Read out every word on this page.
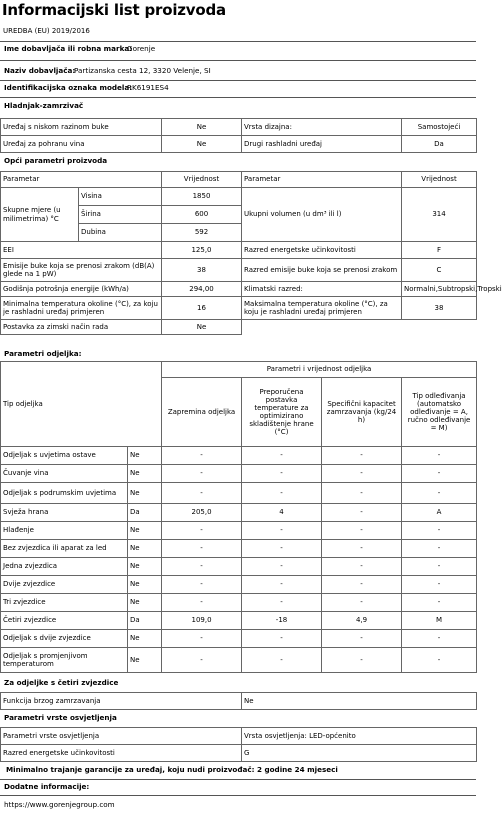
Informacijski list proizvoda
UREDBA (EU) 2019/2016
Ime dobavljača ili robna marka:
Gorenje
Naziv dobavljača:
Partizanska cesta 12, 3320 Velenje, SI
Identifikacijska oznaka modela:
RK6191ES4
Hladnjak-zamrzivač
Uređaj s niskom razinom buke	Ne	Vrsta dizajna:	Samostojeći
Uređaj za pohranu vina	Ne	Drugi rashladni uređaj	Da
Opći parametri proizvoda
Parametar		Vrijednost	Parametar	Vrijednost
Skupne mjere (u milimetrima) °C	Visina	1850	Ukupni volumen (u dm³ ili l)	314
	Širina	600		
	Dubina	592		
EEI		125,0	Razred energetske učinkovitosti	F
Emisije buke koja se prenosi zrakom (dB(A) glede na 1 pW)		38	Razred emisije buke koja se prenosi zrakom	C
Godišnja potrošnja energije (kWh/a)		294,00	Klimatski razred:	Normalni,Subtropski,Tropski
Minimalna temperatura okoline (°C), za koju je rashladni uređaj primjeren		16	Maksimalna temperatura okoline (°C), za koju je rashladni uređaj primjeren	38
Postavka za zimski način rada		Ne		
Parametri odjeljka:
Tip odjeljka		Parametri i vrijednost odjeljka			
		Zapremina odjeljka	Preporučena postavka temperature za optimizirano skladištenje hrane (°C)	Specifični kapacitet zamrzavanja (kg/24 h)	Tip odleđivanja (automatsko odleđivanje = A, ručno odleđivanje = M)
Odjeljak s uvjetima ostave	Ne	-	-	-	-
Čuvanje vina	Ne	-	-	-	-
Odjeljak s podrumskim uvjetima	Ne	-	-	-	-
Svježa hrana	Da	205,0	4	-	A
Hlađenje	Ne	-	-	-	-
Bez zvjezdica ili aparat za led	Ne	-	-	-	-
Jedna zvjezdica	Ne	-	-	-	-
Dvije zvjezdice	Ne	-	-	-	-
Tri zvjezdice	Ne	-	-	-	-
Četiri zvjezdice	Da	109,0	-18	4,9	M
Odjeljak s dvije zvjezdice	Ne	-	-	-	-
Odjeljak s promjenjivom temperaturom	Ne	-	-	-	-
Za odjeljke s četiri zvjezdice
Funkcija brzog zamrzavanja	Ne
Parametri vrste osvjetljenja
Parametri vrste osvjetljenja	Vrsta osvjetljenja: LED-općenito
Razred energetske učinkovitosti	G
Minimalno trajanje garancije za uređaj, koju nudi proizvođač: 2 godine 24 mjeseci
Dodatne informacije:
https://www.gorenjegroup.com
